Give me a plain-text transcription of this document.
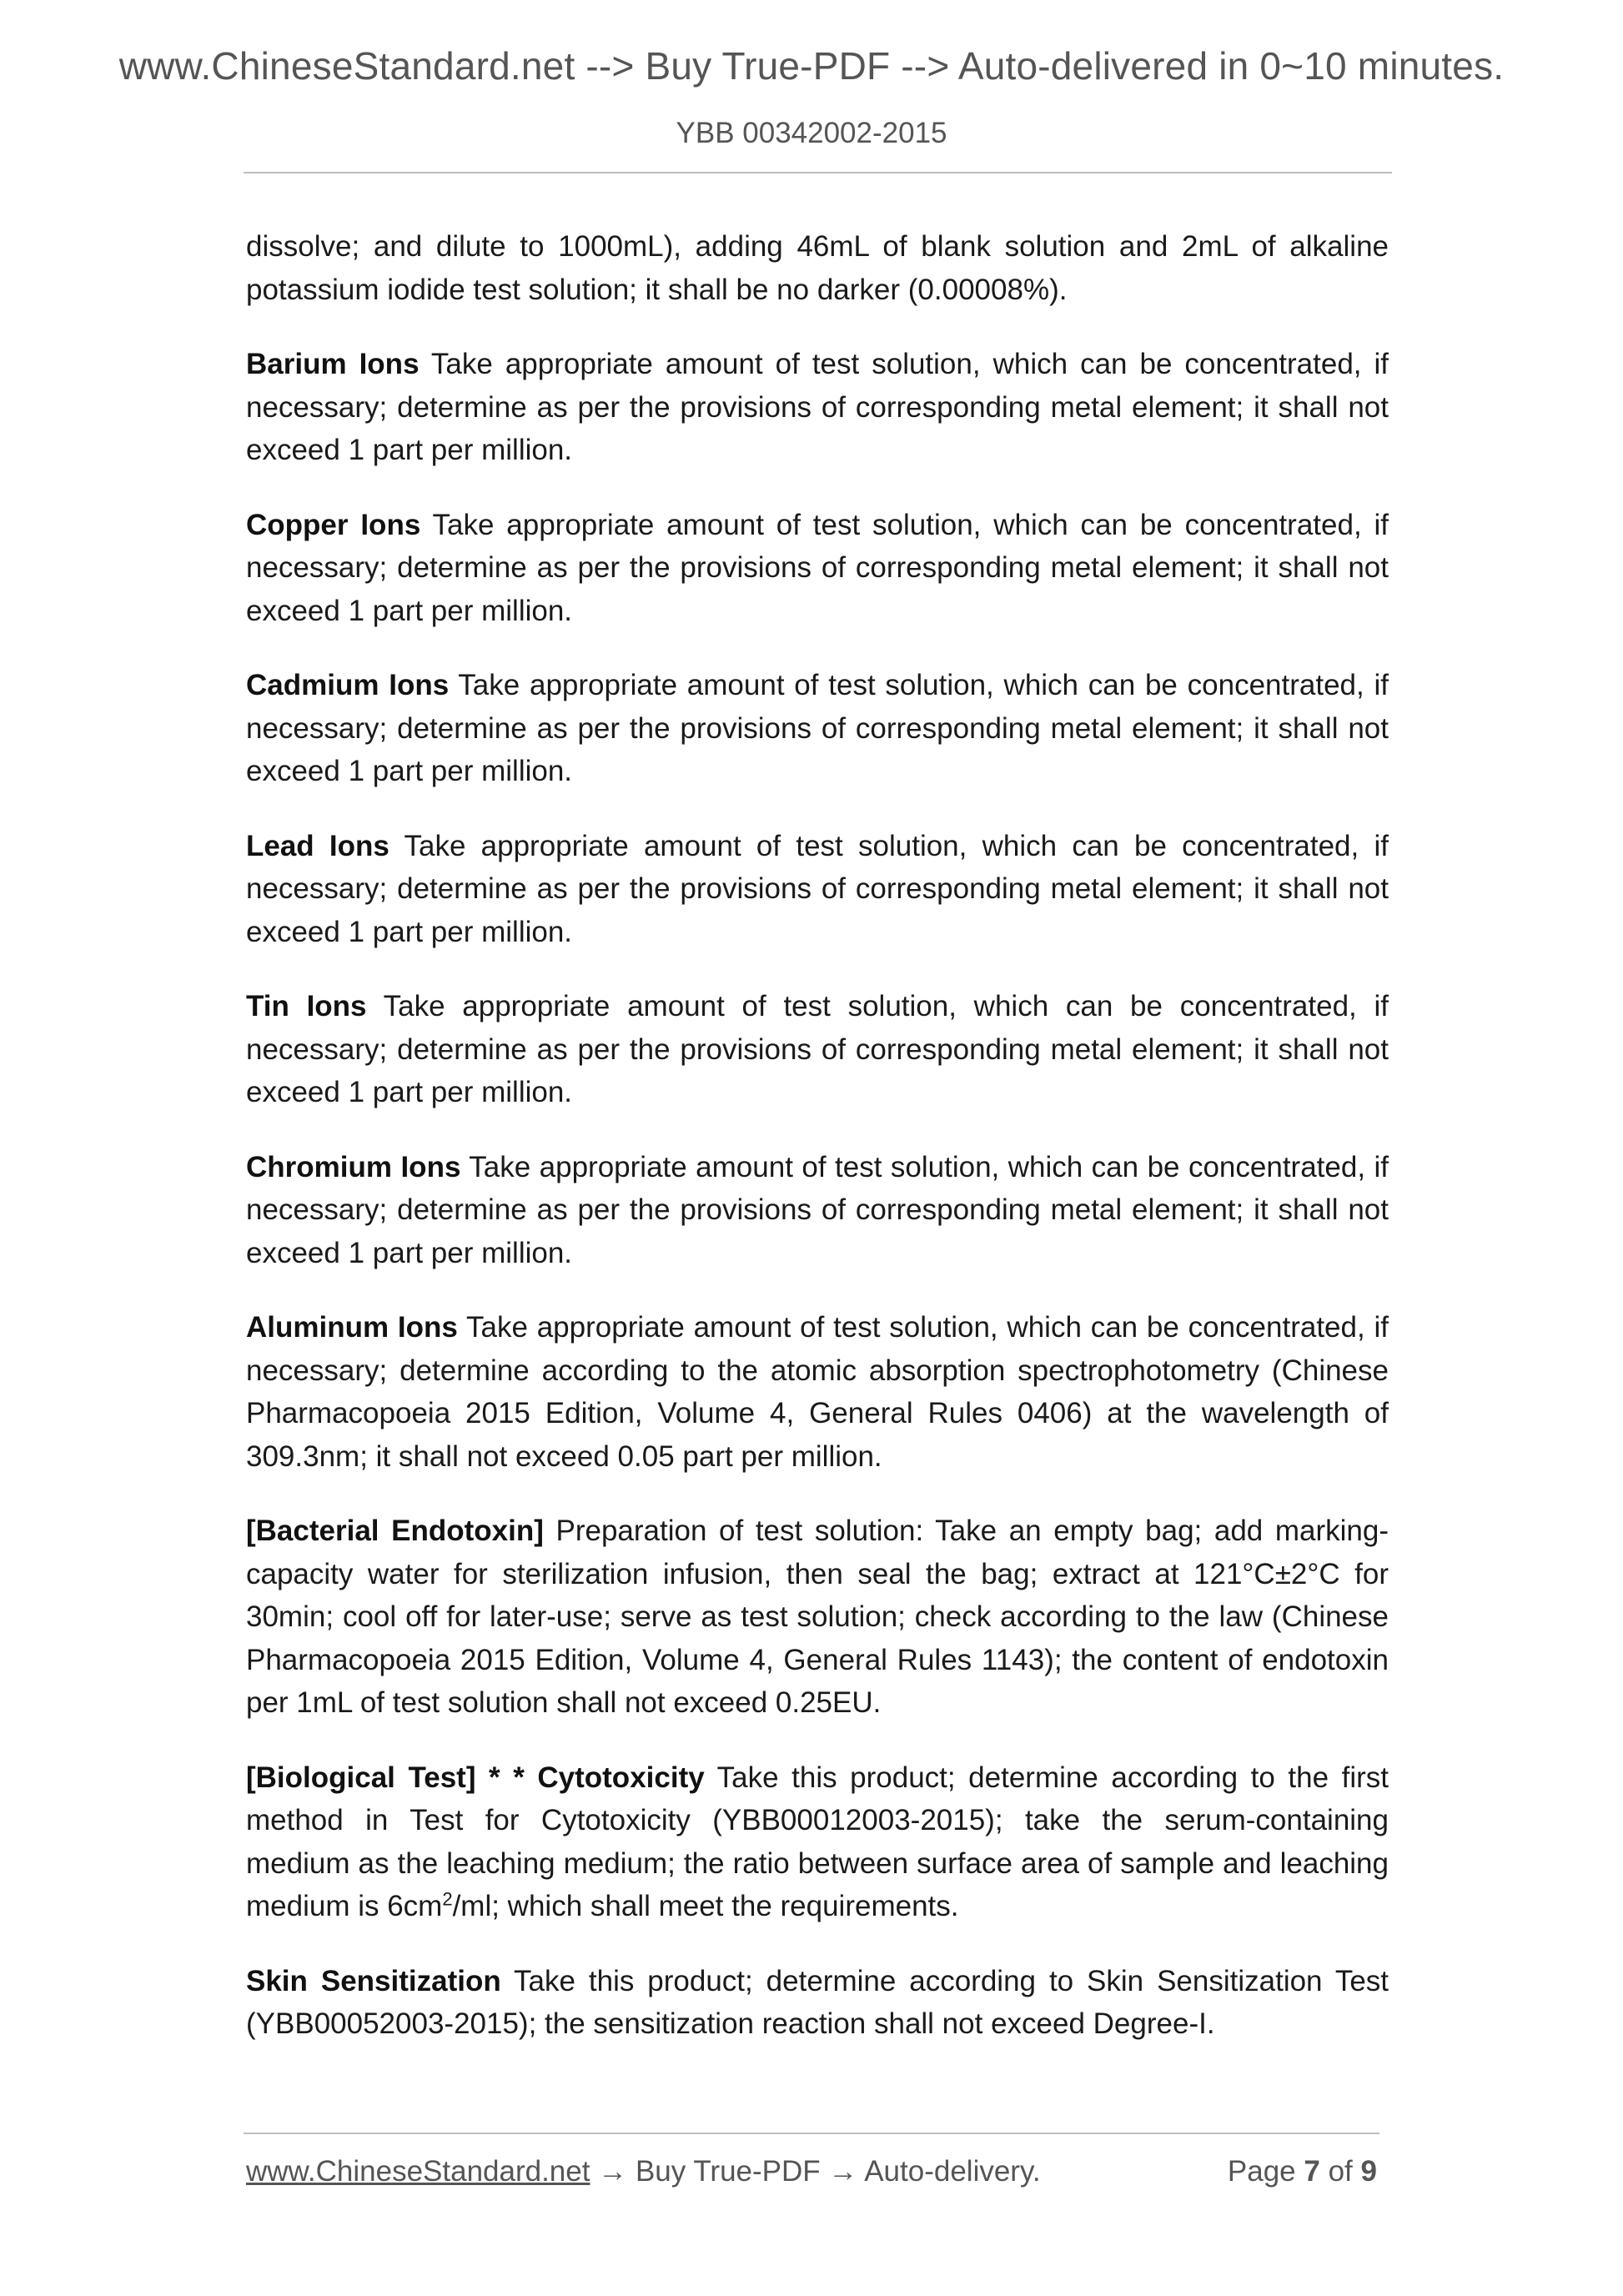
www.ChineseStandard.net --> Buy True-PDF --> Auto-delivered in 0~10 minutes.
YBB 00342002-2015

dissolve; and dilute to 1000mL), adding 46mL of blank solution and 2mL of alkaline potassium iodide test solution; it shall be no darker (0.00008%).

Barium Ions Take appropriate amount of test solution, which can be concentrated, if necessary; determine as per the provisions of corresponding metal element; it shall not exceed 1 part per million.

Copper Ions Take appropriate amount of test solution, which can be concentrated, if necessary; determine as per the provisions of corresponding metal element; it shall not exceed 1 part per million.

Cadmium Ions Take appropriate amount of test solution, which can be concentrated, if necessary; determine as per the provisions of corresponding metal element; it shall not exceed 1 part per million.

Lead Ions Take appropriate amount of test solution, which can be concentrated, if necessary; determine as per the provisions of corresponding metal element; it shall not exceed 1 part per million.

Tin Ions Take appropriate amount of test solution, which can be concentrated, if necessary; determine as per the provisions of corresponding metal element; it shall not exceed 1 part per million.

Chromium Ions Take appropriate amount of test solution, which can be concentrated, if necessary; determine as per the provisions of corresponding metal element; it shall not exceed 1 part per million.

Aluminum Ions Take appropriate amount of test solution, which can be concentrated, if necessary; determine according to the atomic absorption spectrophotometry (Chinese Pharmacopoeia 2015 Edition, Volume 4, General Rules 0406) at the wavelength of 309.3nm; it shall not exceed 0.05 part per million.

[Bacterial Endotoxin] Preparation of test solution: Take an empty bag; add marking-capacity water for sterilization infusion, then seal the bag; extract at 121°C±2°C for 30min; cool off for later-use; serve as test solution; check according to the law (Chinese Pharmacopoeia 2015 Edition, Volume 4, General Rules 1143); the content of endotoxin per 1mL of test solution shall not exceed 0.25EU.

[Biological Test] * * Cytotoxicity Take this product; determine according to the first method in Test for Cytotoxicity (YBB00012003-2015); take the serum-containing medium as the leaching medium; the ratio between surface area of sample and leaching medium is $6cm^2/ml$; which shall meet the requirements.

Skin Sensitization Take this product; determine according to Skin Sensitization Test (YBB00052003-2015); the sensitization reaction shall not exceed Degree-I.

www.ChineseStandard.net → Buy True-PDF → Auto-delivery.	Page 7 of 9
